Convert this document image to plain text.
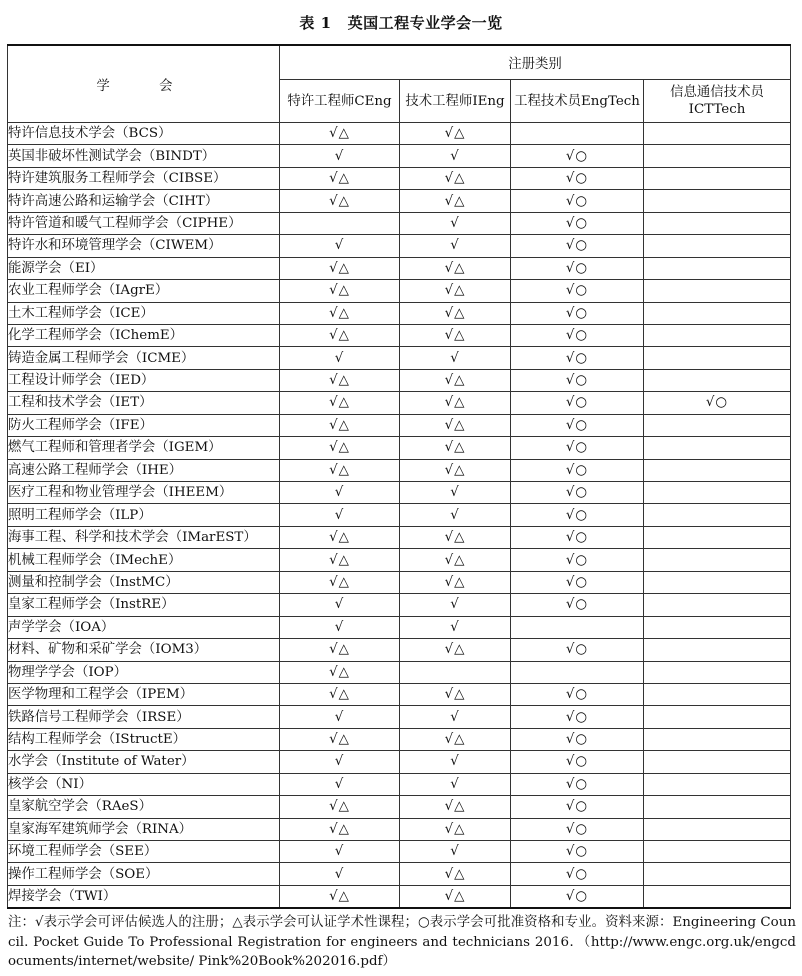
表 1 英国工程专业学会一览
学　会	注册类别			
	特许工程师CEng	技术工程师IEng	工程技术员EngTech	信息通信技术员
ICTTech
特许信息技术学会（BCS）	√△	√△		
英国非破坏性测试学会（BINDT）	√	√	√○	
特许建筑服务工程师学会（CIBSE）	√△	√△	√○	
特许高速公路和运输学会（CIHT）	√△	√△	√○	
特许管道和暖气工程师学会（CIPHE）		√	√○	
特许水和环境管理学会（CIWEM）	√	√	√○	
能源学会（EI）	√△	√△	√○	
农业工程师学会（IAgrE）	√△	√△	√○	
土木工程师学会（ICE）	√△	√△	√○	
化学工程师学会（IChemE）	√△	√△	√○	
铸造金属工程师学会（ICME）	√	√	√○	
工程设计师学会（IED）	√△	√△	√○	
工程和技术学会（IET）	√△	√△	√○	√○
防火工程师学会（IFE）	√△	√△	√○	
燃气工程师和管理者学会（IGEM）	√△	√△	√○	
高速公路工程师学会（IHE）	√△	√△	√○	
医疗工程和物业管理学会（IHEEM）	√	√	√○	
照明工程师学会（ILP）	√	√	√○	
海事工程、科学和技术学会（IMarEST）	√△	√△	√○	
机械工程师学会（IMechE）	√△	√△	√○	
测量和控制学会（InstMC）	√△	√△	√○	
皇家工程师学会（InstRE）	√	√	√○	
声学学会（IOA）	√	√		
材料、矿物和采矿学会（IOM3）	√△	√△	√○	
物理学学会（IOP）	√△			
医学物理和工程学会（IPEM）	√△	√△	√○	
铁路信号工程师学会（IRSE）	√	√	√○	
结构工程师学会（IStructE）	√△	√△	√○	
水学会（Institute of Water）	√	√	√○	
核学会（NI）	√	√	√○	
皇家航空学会（RAeS）	√△	√△	√○	
皇家海军建筑师学会（RINA）	√△	√△	√○	
环境工程师学会（SEE）	√	√	√○	
操作工程师学会（SOE）	√	√△	√○	
焊接学会（TWI）	√△	√△	√○	
注：√表示学会可评估候选人的注册；△表示学会可认证学术性课程；○表示学会可批准资格和专业。资料来源：Engineering Council. Pocket Guide To Professional Registration for engineers and technicians 2016．（http://www.engc.org.uk/engcdocuments/internet/website/ Pink%20Book%202016.pdf）
